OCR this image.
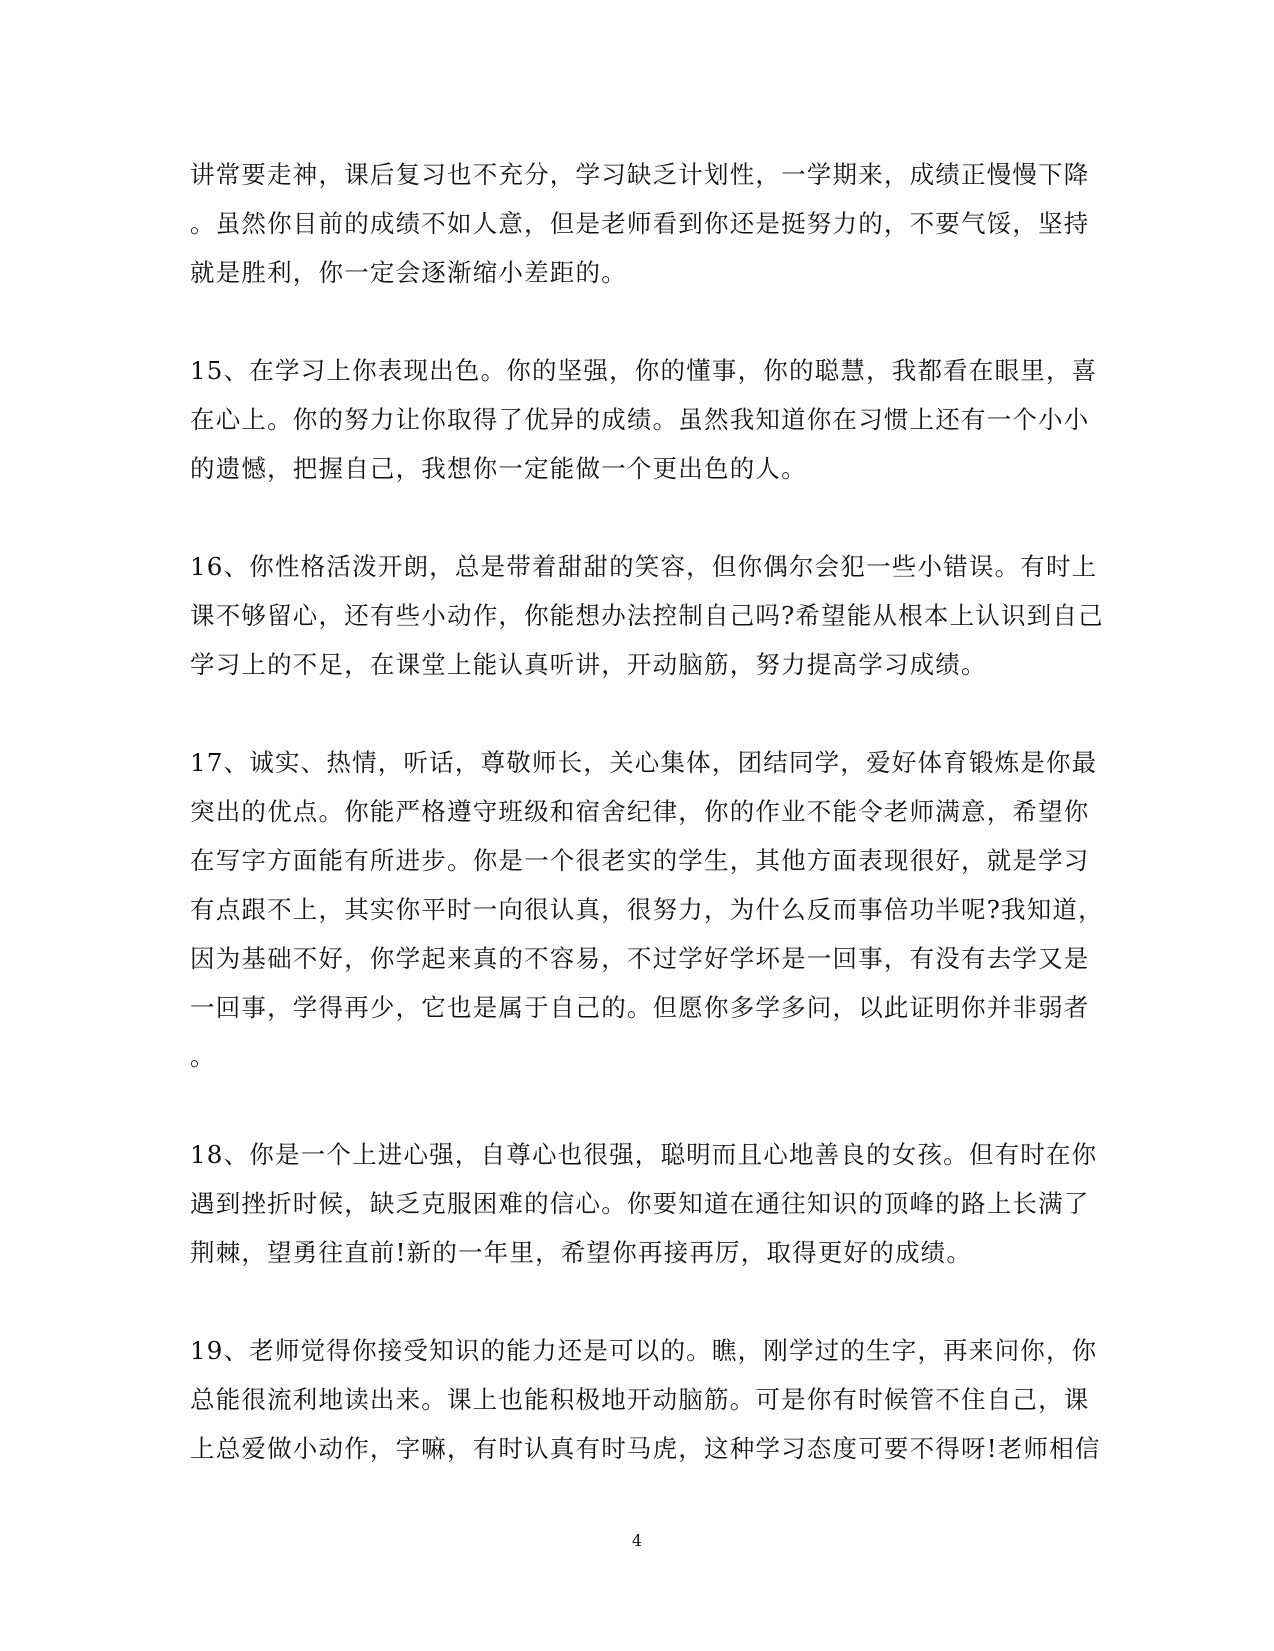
讲常要走神，课后复习也不充分，学习缺乏计划性，一学期来，成绩正慢慢下降
。虽然你目前的成绩不如人意，但是老师看到你还是挺努力的，不要气馁，坚持
就是胜利，你一定会逐渐缩小差距的。
15、在学习上你表现出色。你的坚强，你的懂事，你的聪慧，我都看在眼里，喜
在心上。你的努力让你取得了优异的成绩。虽然我知道你在习惯上还有一个小小
的遗憾，把握自己，我想你一定能做一个更出色的人。
16、你性格活泼开朗，总是带着甜甜的笑容，但你偶尔会犯一些小错误。有时上
课不够留心，还有些小动作，你能想办法控制自己吗?希望能从根本上认识到自己
学习上的不足，在课堂上能认真听讲，开动脑筋，努力提高学习成绩。
17、诚实、热情，听话，尊敬师长，关心集体，团结同学，爱好体育锻炼是你最
突出的优点。你能严格遵守班级和宿舍纪律，你的作业不能令老师满意，希望你
在写字方面能有所进步。你是一个很老实的学生，其他方面表现很好，就是学习
有点跟不上，其实你平时一向很认真，很努力，为什么反而事倍功半呢?我知道，
因为基础不好，你学起来真的不容易，不过学好学坏是一回事，有没有去学又是
一回事，学得再少，它也是属于自己的。但愿你多学多问，以此证明你并非弱者
。
18、你是一个上进心强，自尊心也很强，聪明而且心地善良的女孩。但有时在你
遇到挫折时候，缺乏克服困难的信心。你要知道在通往知识的顶峰的路上长满了
荆棘，望勇往直前!新的一年里，希望你再接再厉，取得更好的成绩。
19、老师觉得你接受知识的能力还是可以的。瞧，刚学过的生字，再来问你，你
总能很流利地读出来。课上也能积极地开动脑筋。可是你有时候管不住自己，课
上总爱做小动作，字嘛，有时认真有时马虎，这种学习态度可要不得呀!老师相信
4
